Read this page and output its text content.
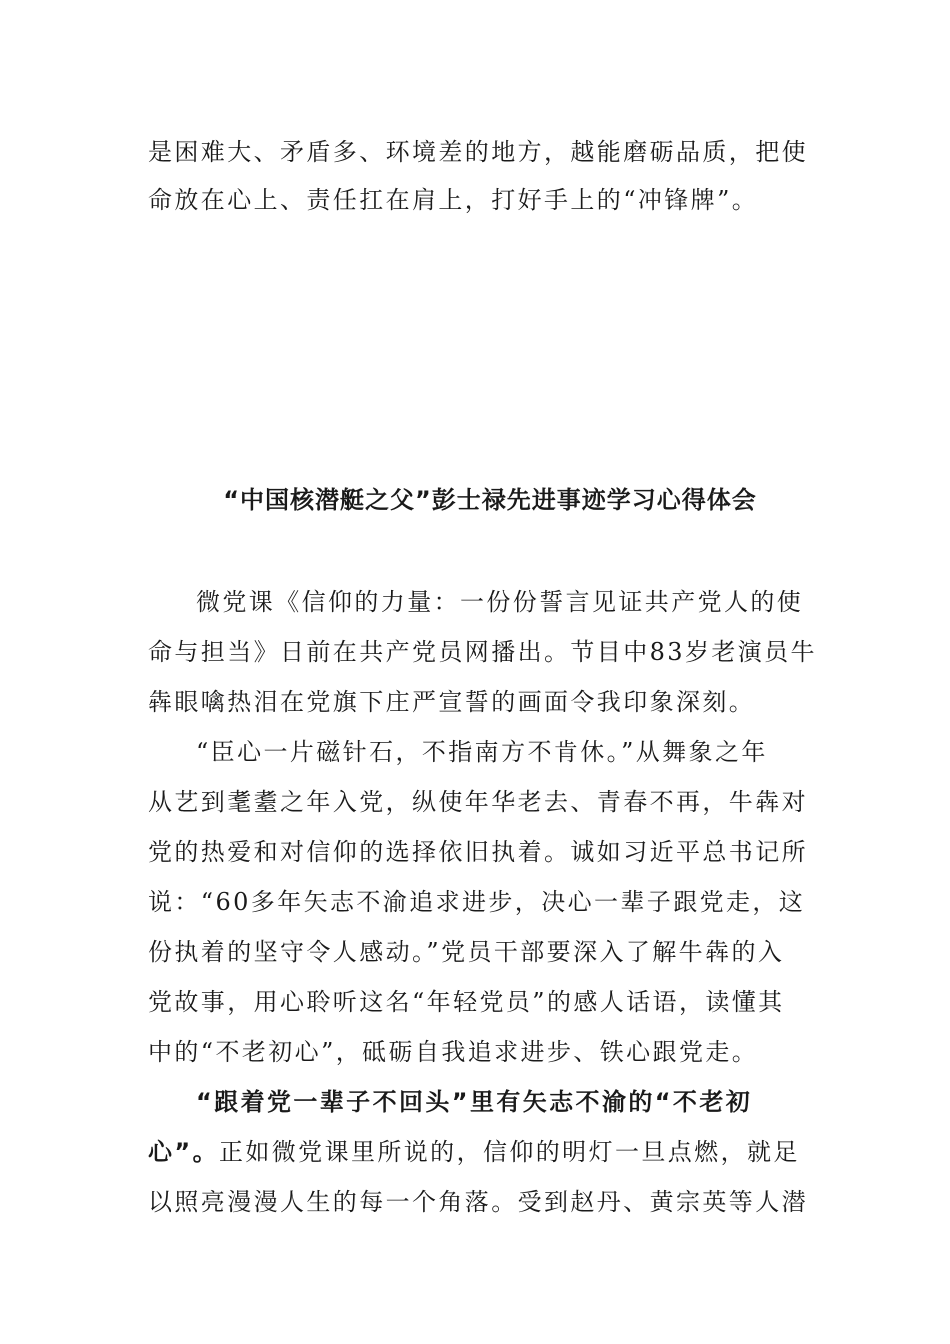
是困难大、矛盾多、环境差的地方，越能磨砺品质，把使
命放在心上、责任扛在肩上，打好手上的“冲锋牌”。
“中国核潜艇之父”彭士禄先进事迹学习心得体会
微党课《信仰的力量：一份份誓言见证共产党人的使
命与担当》日前在共产党员网播出。节目中83岁老演员牛
犇眼噙热泪在党旗下庄严宣誓的画面令我印象深刻。
“臣心一片磁针石，不指南方不肯休。”从舞象之年
从艺到耄耋之年入党，纵使年华老去、青春不再，牛犇对
党的热爱和对信仰的选择依旧执着。诚如习近平总书记所
说：“60多年矢志不渝追求进步，决心一辈子跟党走，这
份执着的坚守令人感动。”党员干部要深入了解牛犇的入
党故事，用心聆听这名“年轻党员”的感人话语，读懂其
中的“不老初心”，砥砺自我追求进步、铁心跟党走。
“跟着党一辈子不回头”里有矢志不渝的“不老初
心”。正如微党课里所说的，信仰的明灯一旦点燃，就足
以照亮漫漫人生的每一个角落。受到赵丹、黄宗英等人潜
